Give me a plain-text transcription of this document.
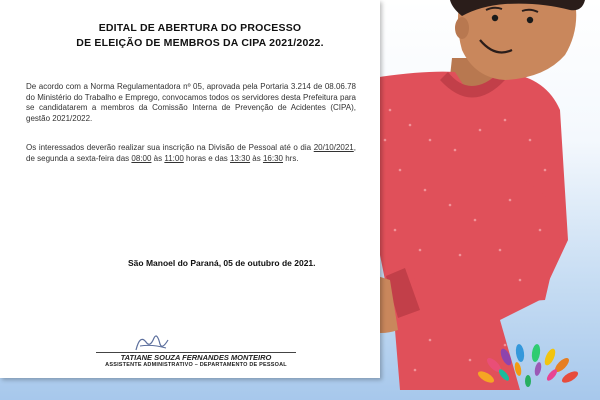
EDITAL DE ABERTURA DO PROCESSO
DE ELEIÇÃO DE MEMBROS DA CIPA 2021/2022.
De acordo com a Norma Regulamentadora nº 05, aprovada pela Portaria 3.214 de 08.06.78 do Ministério do Trabalho e Emprego, convocamos todos os servidores desta Prefeitura para se candidatarem a membros da Comissão Interna de Prevenção de Acidentes (CIPA), gestão 2021/2022.
Os interessados deverão realizar sua inscrição na Divisão de Pessoal até o dia 20/10/2021, de segunda a sexta-feira das 08:00 às 11:00 horas e das 13:30 às 16:30 hrs.
São Manoel do Paraná, 05 de outubro de 2021.
TATIANE SOUZA FERNANDES MONTEIRO
ASSISTENTE ADMINISTRATIVO – DEPARTAMENTO DE PESSOAL
